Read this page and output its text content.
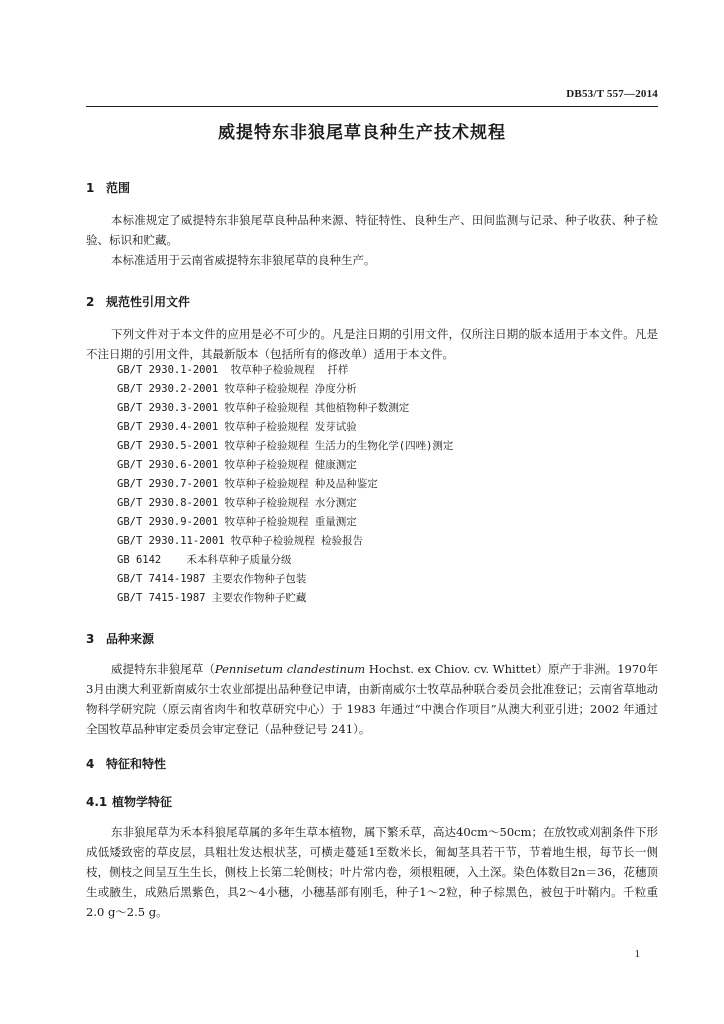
DB53/T 557—2014
威提特东非狼尾草良种生产技术规程
1 范围
本标准规定了威提特东非狼尾草良种品种来源、特征特性、良种生产、田间监测与记录、种子收获、种子检验、标识和贮藏。
本标准适用于云南省威提特东非狼尾草的良种生产。
2 规范性引用文件
下列文件对于本文件的应用是必不可少的。凡是注日期的引用文件，仅所注日期的版本适用于本文件。凡是不注日期的引用文件，其最新版本（包括所有的修改单）适用于本文件。
GB/T 2930.1-2001  牧草种子检验规程  扦样
GB/T 2930.2-2001 牧草种子检验规程 净度分析
GB/T 2930.3-2001 牧草种子检验规程 其他植物种子数测定
GB/T 2930.4-2001 牧草种子检验规程 发芽试验
GB/T 2930.5-2001 牧草种子检验规程 生活力的生物化学(四唑)测定
GB/T 2930.6-2001 牧草种子检验规程 健康测定
GB/T 2930.7-2001 牧草种子检验规程 种及品种鉴定
GB/T 2930.8-2001 牧草种子检验规程 水分测定
GB/T 2930.9-2001 牧草种子检验规程 重量测定
GB/T 2930.11-2001 牧草种子检验规程 检验报告
GB 6142    禾本科草种子质量分级
GB/T 7414-1987 主要农作物种子包装
GB/T 7415-1987 主要农作物种子贮藏
3 品种来源
威提特东非狼尾草（Pennisetum clandestinum Hochst. ex Chiov. cv. Whittet）原产于非洲。1970年3月由澳大利亚新南威尔士农业部提出品种登记申请，由新南威尔士牧草品种联合委员会批准登记；云南省草地动物科学研究院（原云南省肉牛和牧草研究中心）于 1983 年通过“中澳合作项目”从澳大利亚引进；2002 年通过全国牧草品种审定委员会审定登记（品种登记号 241）。
4 特征和特性
4.1 植物学特征
东非狼尾草为禾本科狼尾草属的多年生草本植物，属下繁禾草，高达40cm～50cm；在放牧或刈割条件下形成低矮致密的草皮层，具粗壮发达根状茎，可横走蔓延1至数米长，匍匐茎具若干节，节着地生根，每节长一侧枝，侧枝之间呈互生生长，侧枝上长第二轮侧枝；叶片常内卷，须根粗硬，入土深。染色体数目2n＝36，花穗顶生或腋生，成熟后黑紫色，具2～4小穗，小穗基部有刚毛，种子1～2粒，种子棕黑色，被包于叶鞘内。千粒重2.0 g～2.5 g。
1
